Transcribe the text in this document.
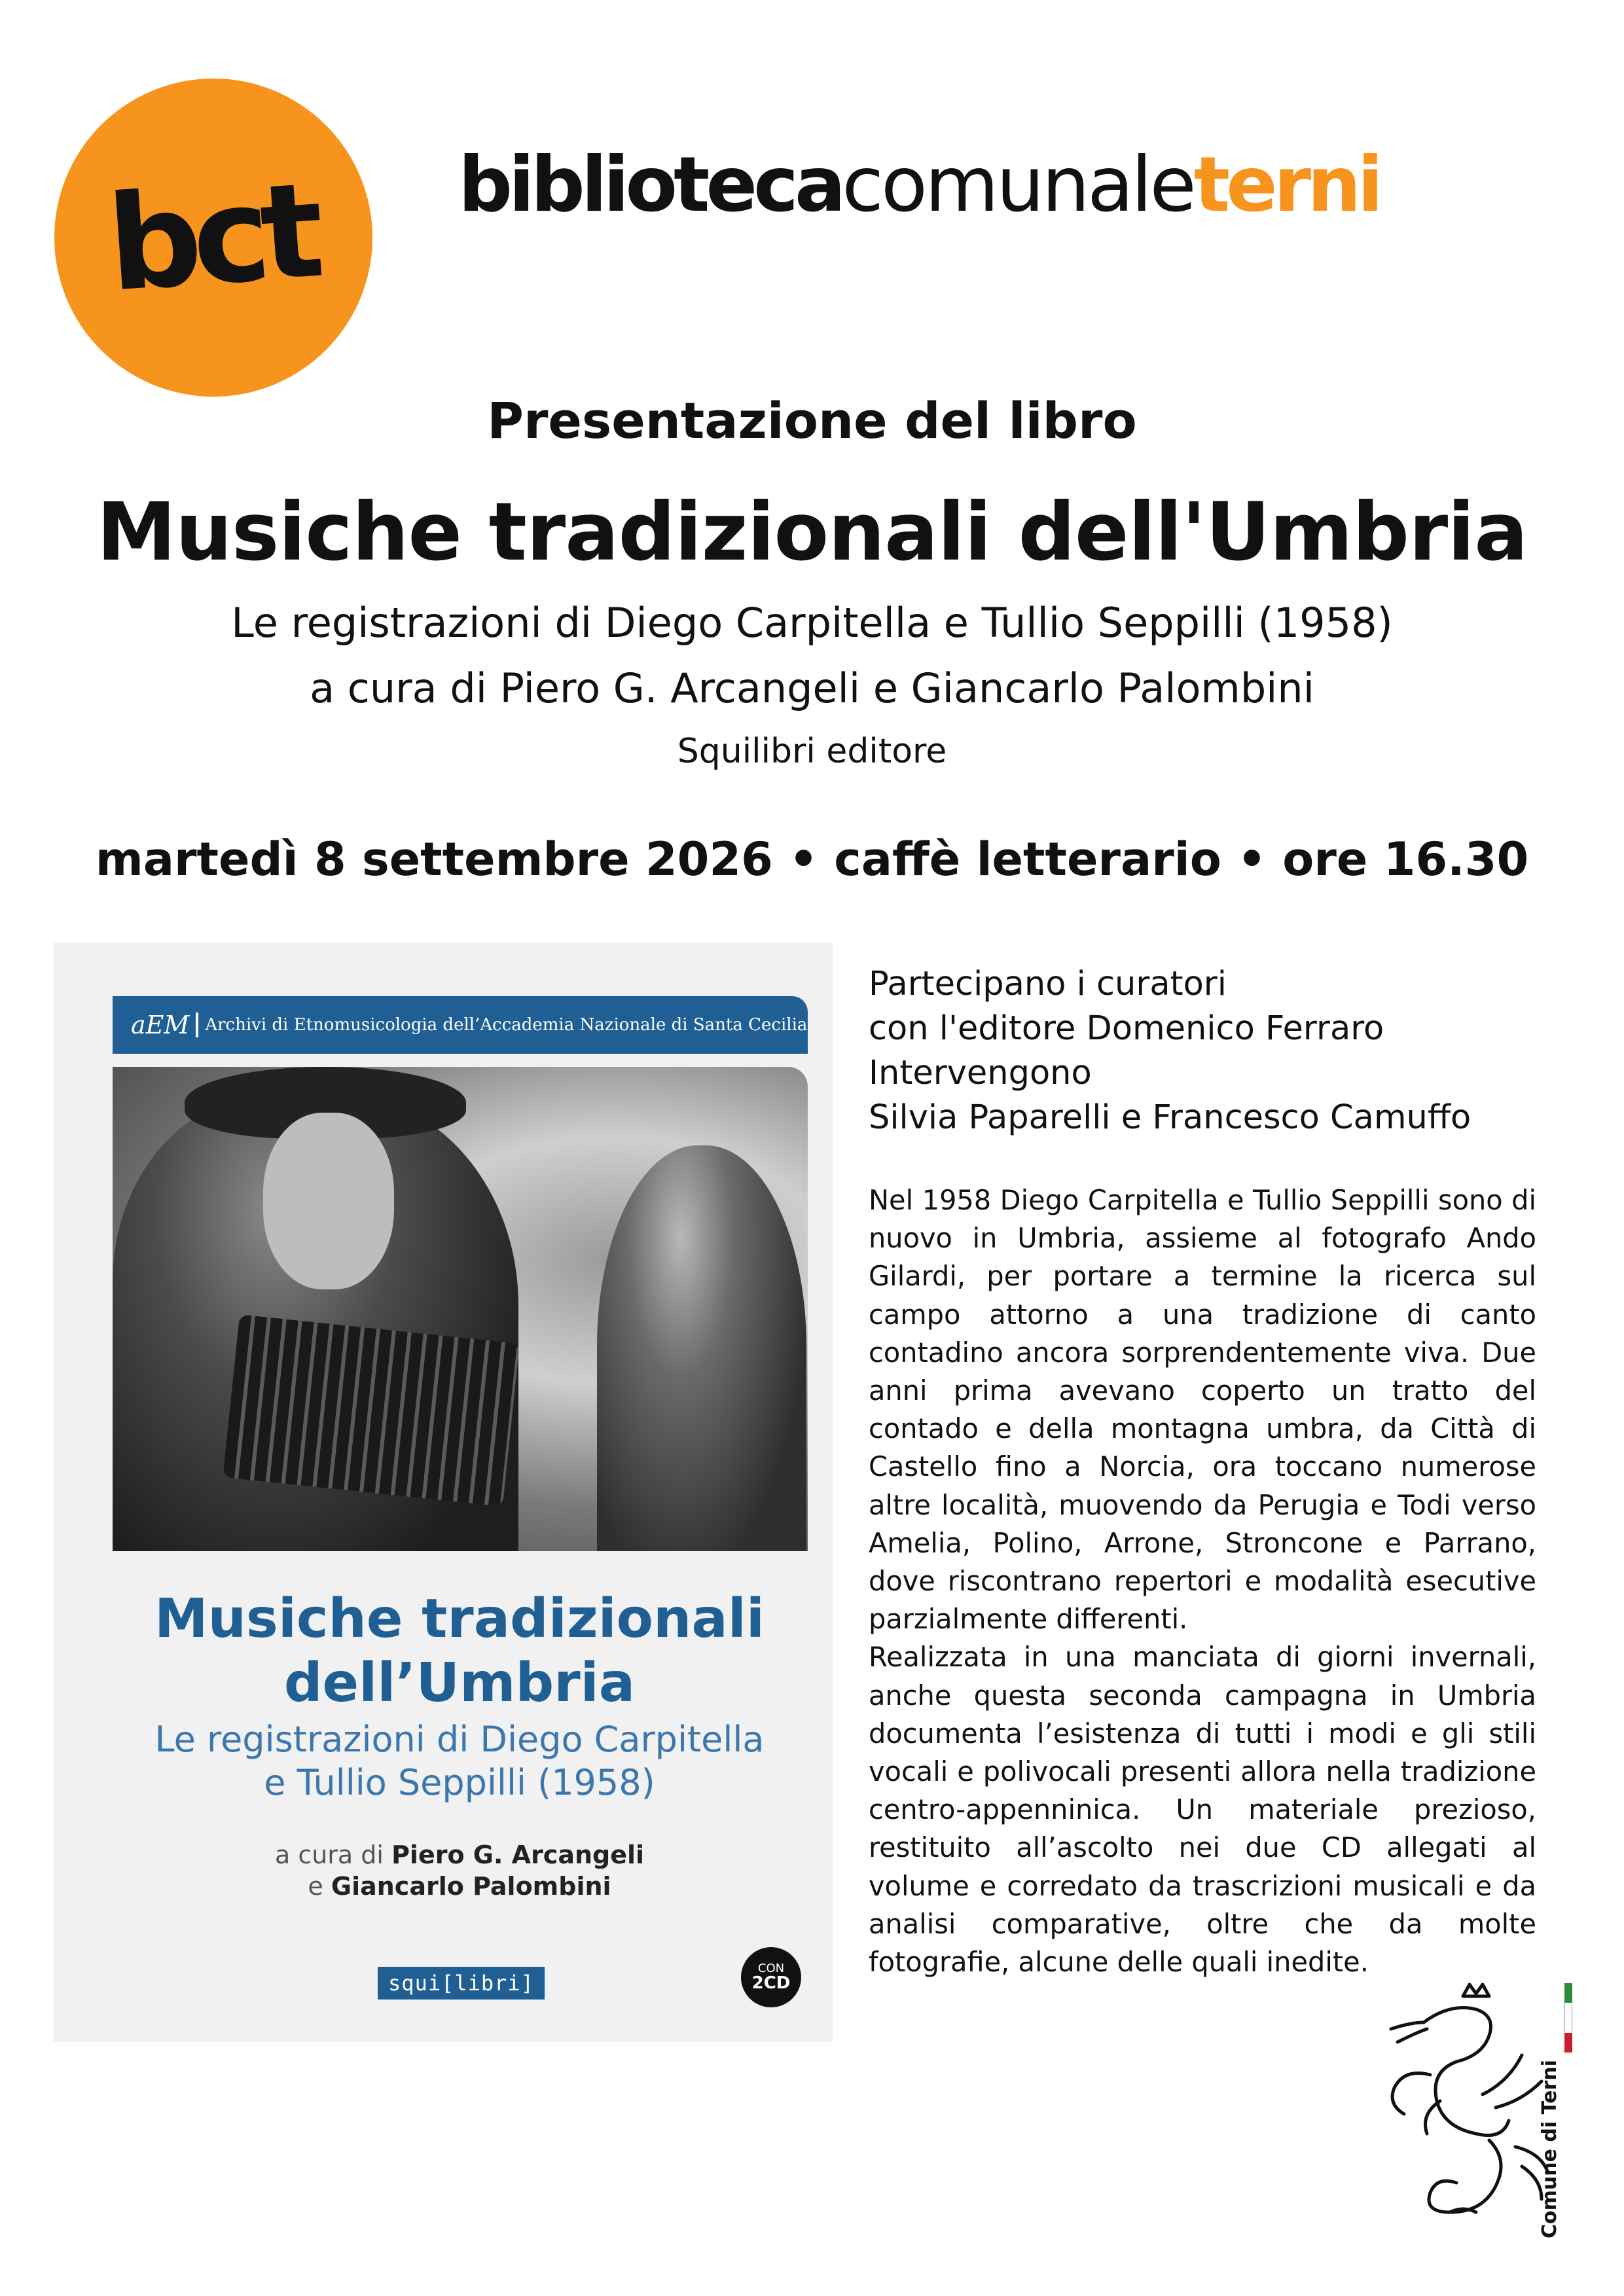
bct bibliotecacomunaleterni
Presentazione del libro
Musiche tradizionali dell'Umbria
Le registrazioni di Diego Carpitella e Tullio Seppilli (1958)
a cura di Piero G. Arcangeli e Giancarlo Palombini
Squilibri editore
martedì 8 settembre 2026 • caffè letterario • ore 16.30
aEM Archivi di Etnomusicologia dell’Accademia Nazionale di Santa Cecilia
Musiche tradizionali
dell’Umbria
Le registrazioni di Diego Carpitella
e Tullio Seppilli (1958)
a cura di Piero G. Arcangeli
e Giancarlo Palombini
squi[libri]
CON
2CD
Partecipano i curatori
con l'editore Domenico Ferraro
Intervengono
Silvia Paparelli e Francesco Camuffo

Nel 1958 Diego Carpitella e Tullio Seppilli sono di nuovo in Umbria, assieme al fotografo Ando Gilardi, per portare a termine la ricerca sul campo attorno a una tradizione di canto contadino ancora sorprendentemente viva. Due anni prima avevano coperto un tratto del contado e della montagna umbra, da Città di Castello fino a Norcia, ora toccano numerose altre località, muovendo da Perugia e Todi verso Amelia, Polino, Arrone, Stroncone e Parrano, dove riscontrano repertori e modalità esecutive parzialmente differenti.

Realizzata in una manciata di giorni invernali, anche questa seconda campagna in Umbria documenta l’esistenza di tutti i modi e gli stili vocali e polivocali presenti allora nella tradizione centro-appenninica. Un materiale prezioso, restituito all’ascolto nei due CD allegati al volume e corredato da trascrizioni musicali e da analisi comparative, oltre che da molte fotografie, alcune delle quali inedite.

Comune di Terni
